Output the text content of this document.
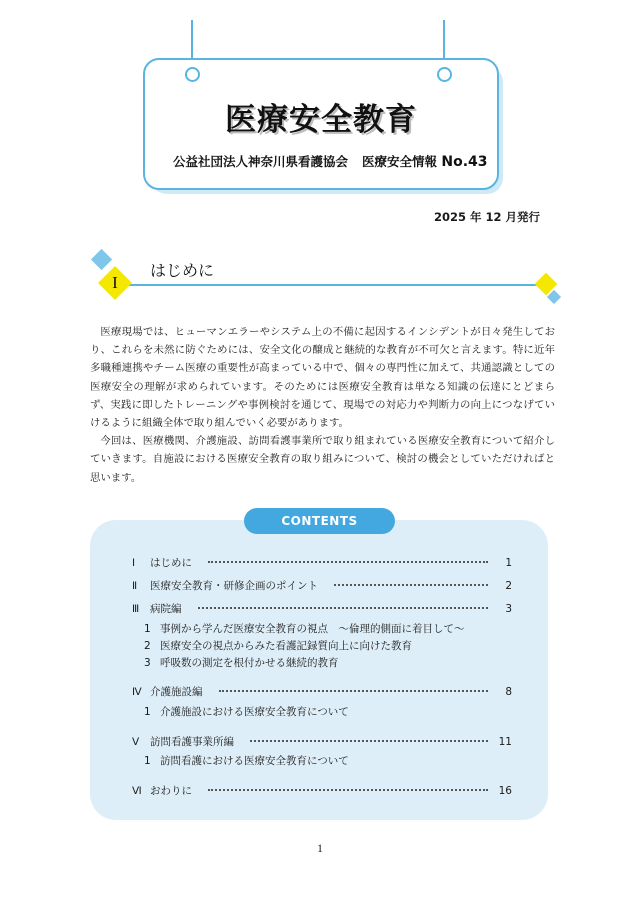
医療安全教育
公益社団法人神奈川県看護協会 医療安全情報 No.43
2025 年 12 月発行
I
はじめに

医療現場では、ヒューマンエラーやシステム上の不備に起因するインシデントが日々発生しており、これらを未然に防ぐためには、安全文化の醸成と継続的な教育が不可欠と言えます。特に近年多職種連携やチーム医療の重要性が高まっている中で、個々の専門性に加えて、共通認識としての医療安全の理解が求められています。そのためには医療安全教育は単なる知識の伝達にとどまらず、実践に即したトレーニングや事例検討を通じて、現場での対応力や判断力の向上につなげていけるように組織全体で取り組んでいく必要があります。

今回は、医療機関、介護施設、訪問看護事業所で取り組まれている医療安全教育について紹介していきます。自施設における医療安全教育の取り組みについて、検討の機会としていただければと思います。

CONTENTS
Ⅰ	はじめに	1
Ⅱ	医療安全教育・研修企画のポイント	2
Ⅲ	病院編	3
1 事例から学んだ医療安全教育の視点　～倫理的側面に着目して～
2 医療安全の視点からみた看護記録質向上に向けた教育
3 呼吸数の測定を根付かせる継続的教育
Ⅳ 介護施設編	8
1 介護施設における医療安全教育について
Ⅴ	訪問看護事業所編	11
1 訪問看護における医療安全教育について
Ⅵ おわりに	16
1
